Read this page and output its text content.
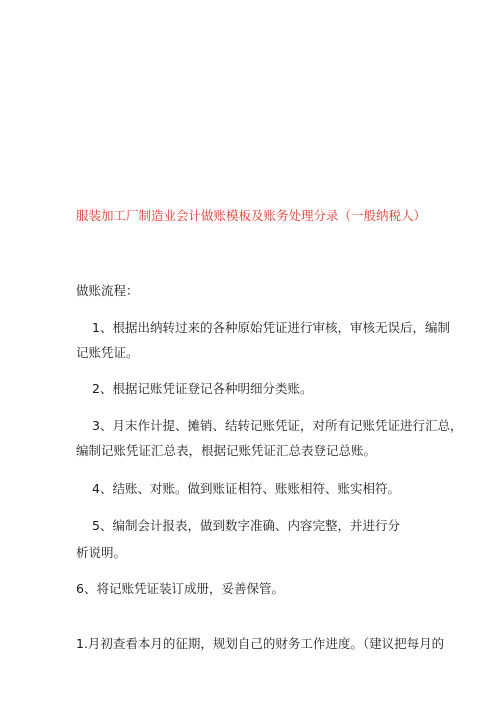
服装加工厂制造业会计做账模板及账务处理分录（一般纳税人）

做账流程：

1、根据出纳转过来的各种原始凭证进行审核，审核无误后，编制

记账凭证。

2、根据记账凭证登记各种明细分类账。

3、月末作计提、摊销、结转记账凭证，对所有记账凭证进行汇总，

编制记账凭证汇总表，根据记账凭证汇总表登记总账。

4、结账、对账。做到账证相符、账账相符、账实相符。

5、编制会计报表，做到数字准确、内容完整，并进行分

析说明。

6、将记账凭证装订成册，妥善保管。

1.月初查看本月的征期，规划自己的财务工作进度。（建议把每月的
